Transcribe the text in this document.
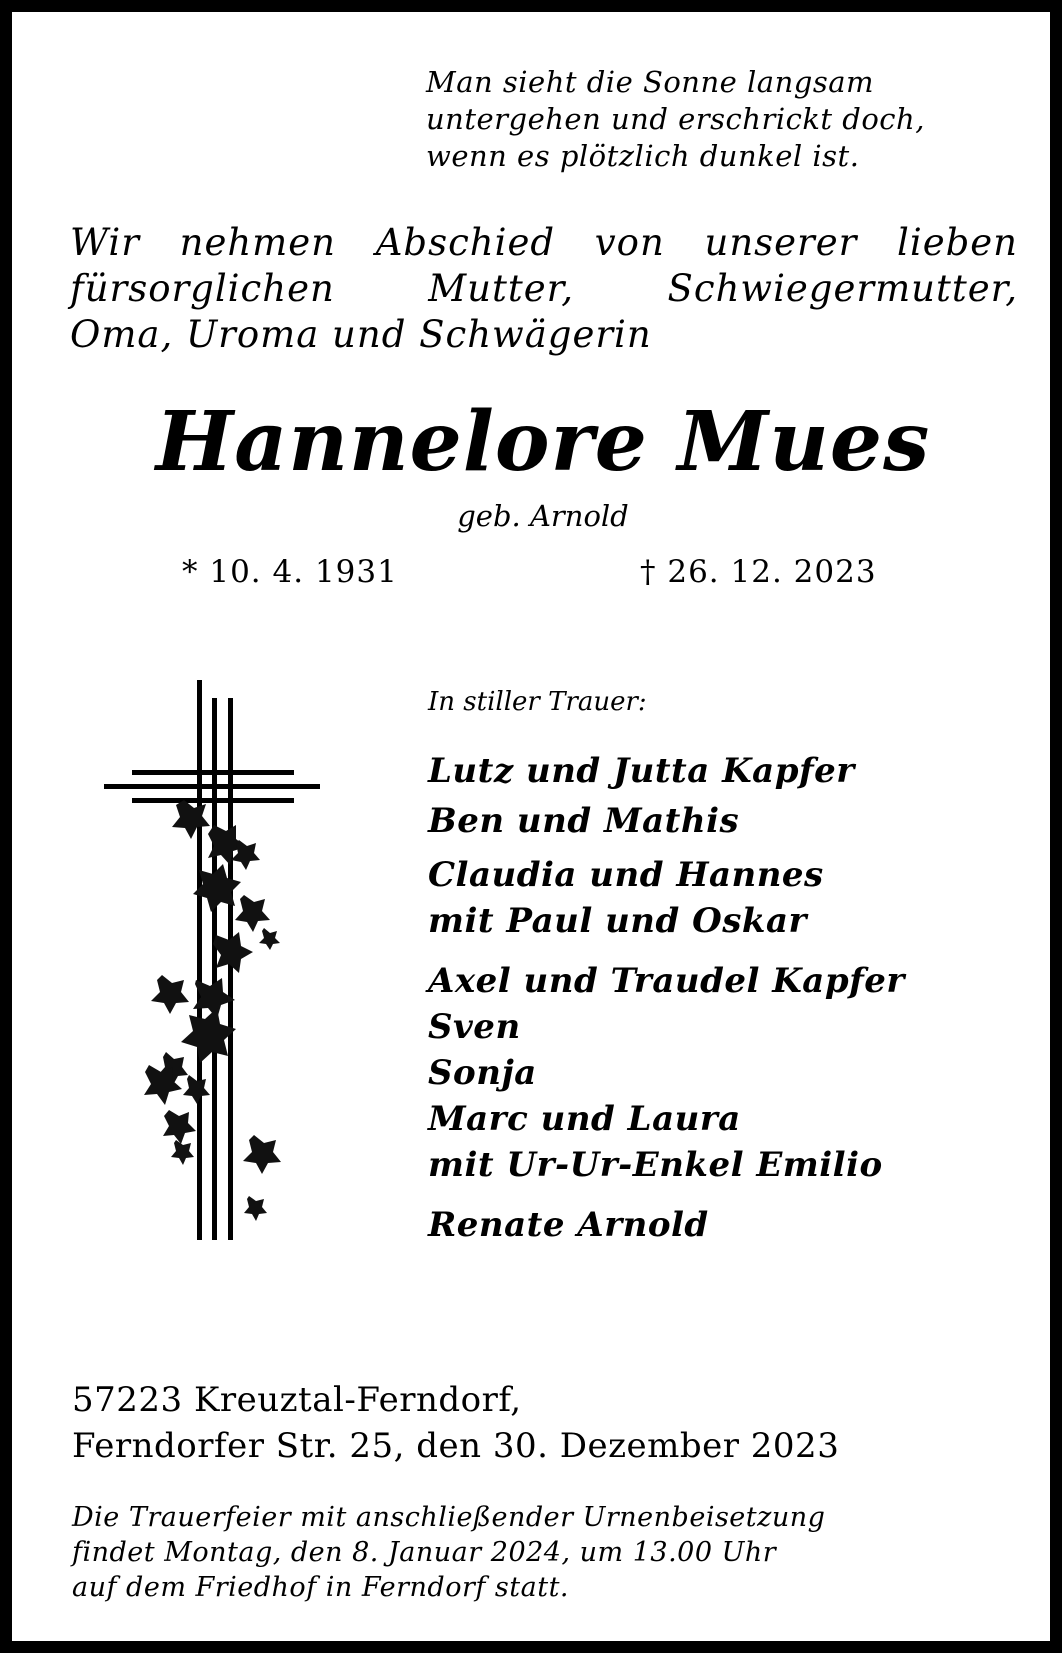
Man sieht die Sonne langsam
untergehen und erschrickt doch,
wenn es plötzlich dunkel ist.
Wir nehmen Abschied von unserer lieben
fürsorglichen Mutter, Schwiegermutter,
Oma, Uroma und Schwägerin
Hannelore Mues
geb. Arnold
* 10. 4. 1931	† 26. 12. 2023
In stiller Trauer:
Lutz und Jutta Kapfer
Ben und Mathis
Claudia und Hannes
mit Paul und Oskar
Axel und Traudel Kapfer
Sven
Sonja
Marc und Laura
mit Ur-Ur-Enkel Emilio
Renate Arnold
57223 Kreuztal-Ferndorf,
Ferndorfer Str. 25, den 30. Dezember 2023
Die Trauerfeier mit anschließender Urnenbeisetzung
findet Montag, den 8. Januar 2024, um 13.00 Uhr
auf dem Friedhof in Ferndorf statt.
